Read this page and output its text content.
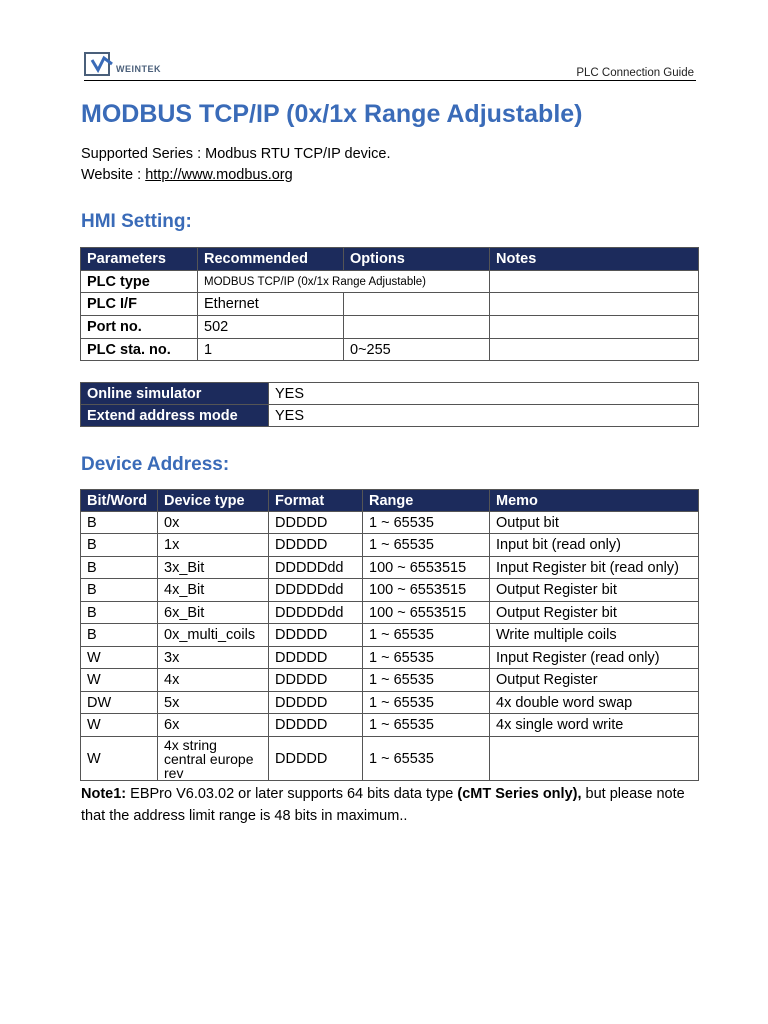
WEINTEK	PLC Connection Guide
MODBUS TCP/IP (0x/1x Range Adjustable)
Supported Series : Modbus RTU TCP/IP device.
Website : http://www.modbus.org
HMI Setting:
Parameters	Recommended	Options	Notes
PLC type	MODBUS TCP/IP (0x/1x Range Adjustable)		
PLC I/F	Ethernet		
Port no.	502		
PLC sta. no.	1	0~255	
Online simulator	YES
Extend address mode	YES
Device Address:
Bit/Word	Device type	Format	Range	Memo
B	0x	DDDDD	1 ~ 65535	Output bit
B	1x	DDDDD	1 ~ 65535	Input bit (read only)
B	3x_Bit	DDDDDdd	100 ~ 6553515	Input Register bit (read only)
B	4x_Bit	DDDDDdd	100 ~ 6553515	Output Register bit
B	6x_Bit	DDDDDdd	100 ~ 6553515	Output Register bit
B	0x_multi_coils	DDDDD	1 ~ 65535	Write multiple coils
W	3x	DDDDD	1 ~ 65535	Input Register (read only)
W	4x	DDDDD	1 ~ 65535	Output Register
DW	5x	DDDDD	1 ~ 65535	4x double word swap
W	6x	DDDDD	1 ~ 65535	4x single word write
W	4x string central europe rev	DDDDD	1 ~ 65535	
Note1: EBPro V6.03.02 or later supports 64 bits data type (cMT Series only), but please note that the address limit range is 48 bits in maximum..
